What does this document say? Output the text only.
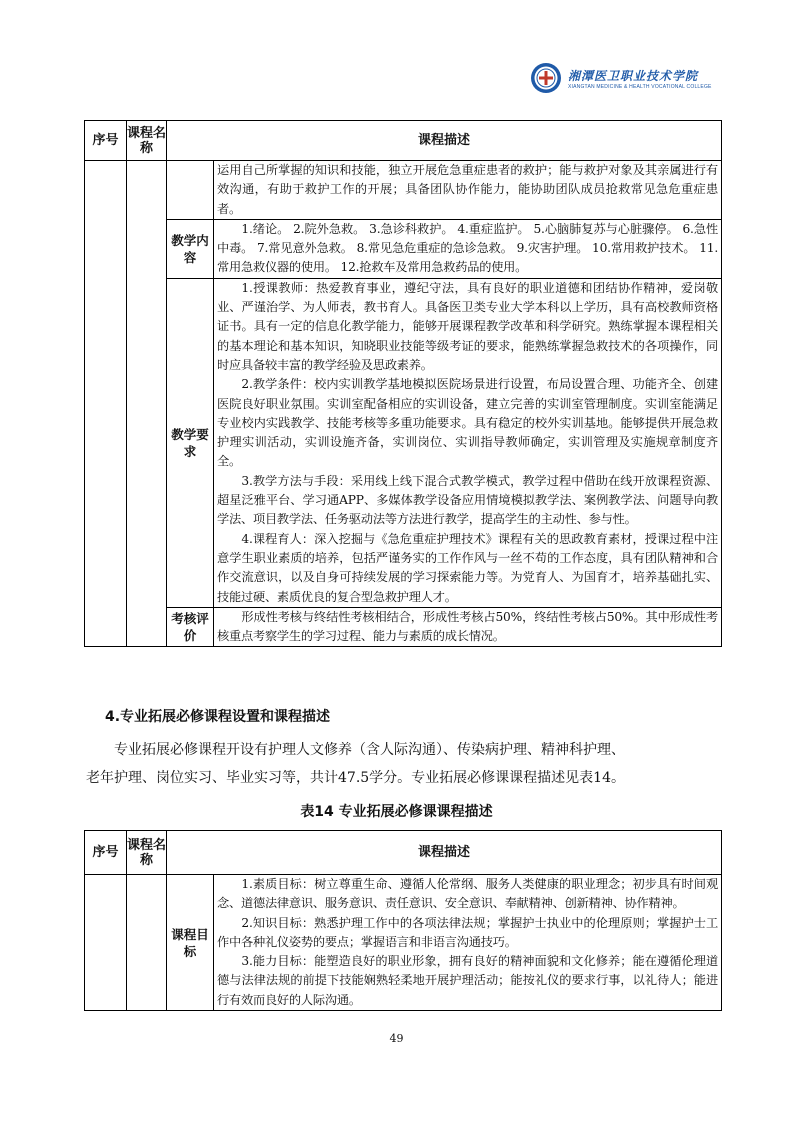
湘潭医卫职业技术学院
XIANGTAN MEDICINE & HEALTH VOCATIONAL COLLEGE
序号	课程名称	课程描述	

			运用自己所掌握的知识和技能，独立开展危急重症患者的救护；能与救护对象及其亲属进行有效沟通，有助于救护工作的开展；具备团队协作能力，能协助团队成员抢救常见急危重症患者。

		教学内容	1.绪论。 2.院外急救。 3.急诊科救护。 4.重症监护。 5.心脑肺复苏与心脏骤停。 6.急性中毒。 7.常见意外急救。 8.常见急危重症的急诊急救。 9.灾害护理。 10.常用救护技术。 11.常用急救仪器的使用。 12.抢救车及常用急救药品的使用。

		教学要求	1.授课教师：热爱教育事业，遵纪守法，具有良好的职业道德和团结协作精神，爱岗敬业、严谨治学、为人师表，教书育人。具备医卫类专业大学本科以上学历，具有高校教师资格证书。具有一定的信息化教学能力，能够开展课程教学改革和科学研究。熟练掌握本课程相关的基本理论和基本知识，知晓职业技能等级考证的要求，能熟练掌握急救技术的各项操作，同时应具备较丰富的教学经验及思政素养。

2.教学条件：校内实训教学基地模拟医院场景进行设置，布局设置合理、功能齐全、创建医院良好职业氛围。实训室配备相应的实训设备，建立完善的实训室管理制度。实训室能满足专业校内实践教学、技能考核等多重功能要求。具有稳定的校外实训基地。能够提供开展急救护理实训活动，实训设施齐备，实训岗位、实训指导教师确定，实训管理及实施规章制度齐全。

3.教学方法与手段：采用线上线下混合式教学模式，教学过程中借助在线开放课程资源、超星泛雅平台、学习通APP、多媒体教学设备应用情境模拟教学法、案例教学法、问题导向教学法、项目教学法、任务驱动法等方法进行教学，提高学生的主动性、参与性。

4.课程育人：深入挖掘与《急危重症护理技术》课程有关的思政教育素材，授课过程中注意学生职业素质的培养，包括严谨务实的工作作风与一丝不苟的工作态度，具有团队精神和合作交流意识，以及自身可持续发展的学习探索能力等。为党育人、为国育才，培养基础扎实、技能过硬、素质优良的复合型急救护理人才。

		考核评价	形成性考核与终结性考核相结合，形成性考核占50%，终结性考核占50%。其中形成性考核重点考察学生的学习过程、能力与素质的成长情况。

4.专业拓展必修课程设置和课程描述
专业拓展必修课程开设有护理人文修养（含人际沟通）、传染病护理、精神科护理、
老年护理、岗位实习、毕业实习等，共计47.5学分。专业拓展必修课课程描述见表14。
表14 专业拓展必修课课程描述
序号	课程名称	课程描述	
		课程目标	1.素质目标：树立尊重生命、遵循人伦常纲、服务人类健康的职业理念；初步具有时间观念、道德法律意识、服务意识、责任意识、安全意识、奉献精神、创新精神、协作精神。

2.知识目标：熟悉护理工作中的各项法律法规；掌握护士执业中的伦理原则；掌握护士工作中各种礼仪姿势的要点；掌握语言和非语言沟通技巧。

3.能力目标：能塑造良好的职业形象，拥有良好的精神面貌和文化修养；能在遵循伦理道德与法律法规的前提下技能娴熟轻柔地开展护理活动；能按礼仪的要求行事，以礼待人；能进行有效而良好的人际沟通。

49
